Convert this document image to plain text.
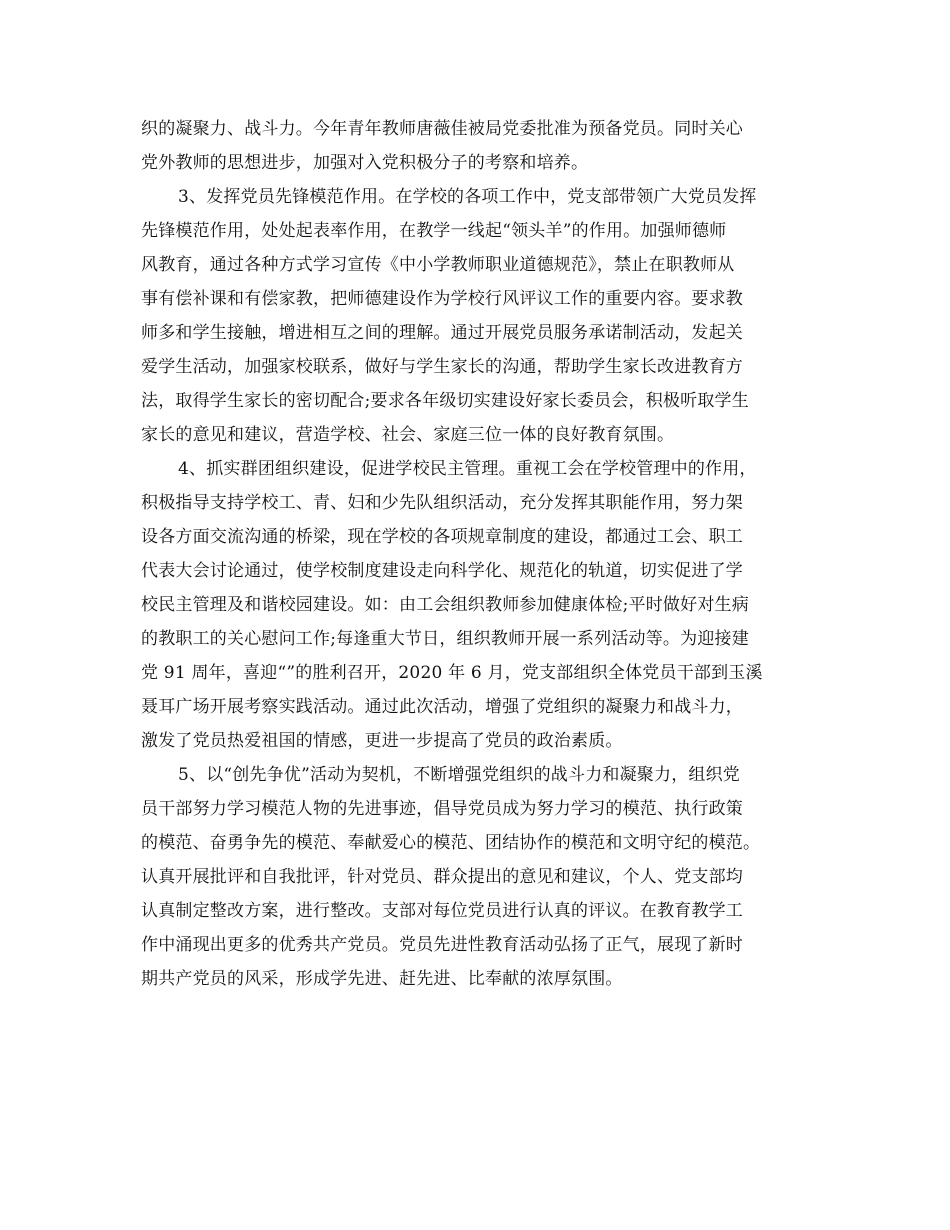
织的凝聚力、战斗力。今年青年教师唐薇佳被局党委批准为预备党员。同时关心
党外教师的思想进步，加强对入党积极分子的考察和培养。
3、发挥党员先锋模范作用。在学校的各项工作中，党支部带领广大党员发挥
先锋模范作用，处处起表率作用，在教学一线起“领头羊”的作用。加强师德师
风教育，通过各种方式学习宣传《中小学教师职业道德规范》，禁止在职教师从
事有偿补课和有偿家教，把师德建设作为学校行风评议工作的重要内容。要求教
师多和学生接触，增进相互之间的理解。通过开展党员服务承诺制活动，发起关
爱学生活动，加强家校联系，做好与学生家长的沟通，帮助学生家长改进教育方
法，取得学生家长的密切配合;要求各年级切实建设好家长委员会，积极听取学生
家长的意见和建议，营造学校、社会、家庭三位一体的良好教育氛围。
4、抓实群团组织建设，促进学校民主管理。重视工会在学校管理中的作用，
积极指导支持学校工、青、妇和少先队组织活动，充分发挥其职能作用，努力架
设各方面交流沟通的桥梁，现在学校的各项规章制度的建设，都通过工会、职工
代表大会讨论通过，使学校制度建设走向科学化、规范化的轨道，切实促进了学
校民主管理及和谐校园建设。如：由工会组织教师参加健康体检;平时做好对生病
的教职工的关心慰问工作;每逢重大节日，组织教师开展一系列活动等。为迎接建
党 91 周年，喜迎“”的胜利召开，2020 年 6 月，党支部组织全体党员干部到玉溪
聂耳广场开展考察实践活动。通过此次活动，增强了党组织的凝聚力和战斗力，
激发了党员热爱祖国的情感，更进一步提高了党员的政治素质。
5、以“创先争优”活动为契机，不断增强党组织的战斗力和凝聚力，组织党
员干部努力学习模范人物的先进事迹，倡导党员成为努力学习的模范、执行政策
的模范、奋勇争先的模范、奉献爱心的模范、团结协作的模范和文明守纪的模范。
认真开展批评和自我批评，针对党员、群众提出的意见和建议，个人、党支部均
认真制定整改方案，进行整改。支部对每位党员进行认真的评议。在教育教学工
作中涌现出更多的优秀共产党员。党员先进性教育活动弘扬了正气，展现了新时
期共产党员的风采，形成学先进、赶先进、比奉献的浓厚氛围。
